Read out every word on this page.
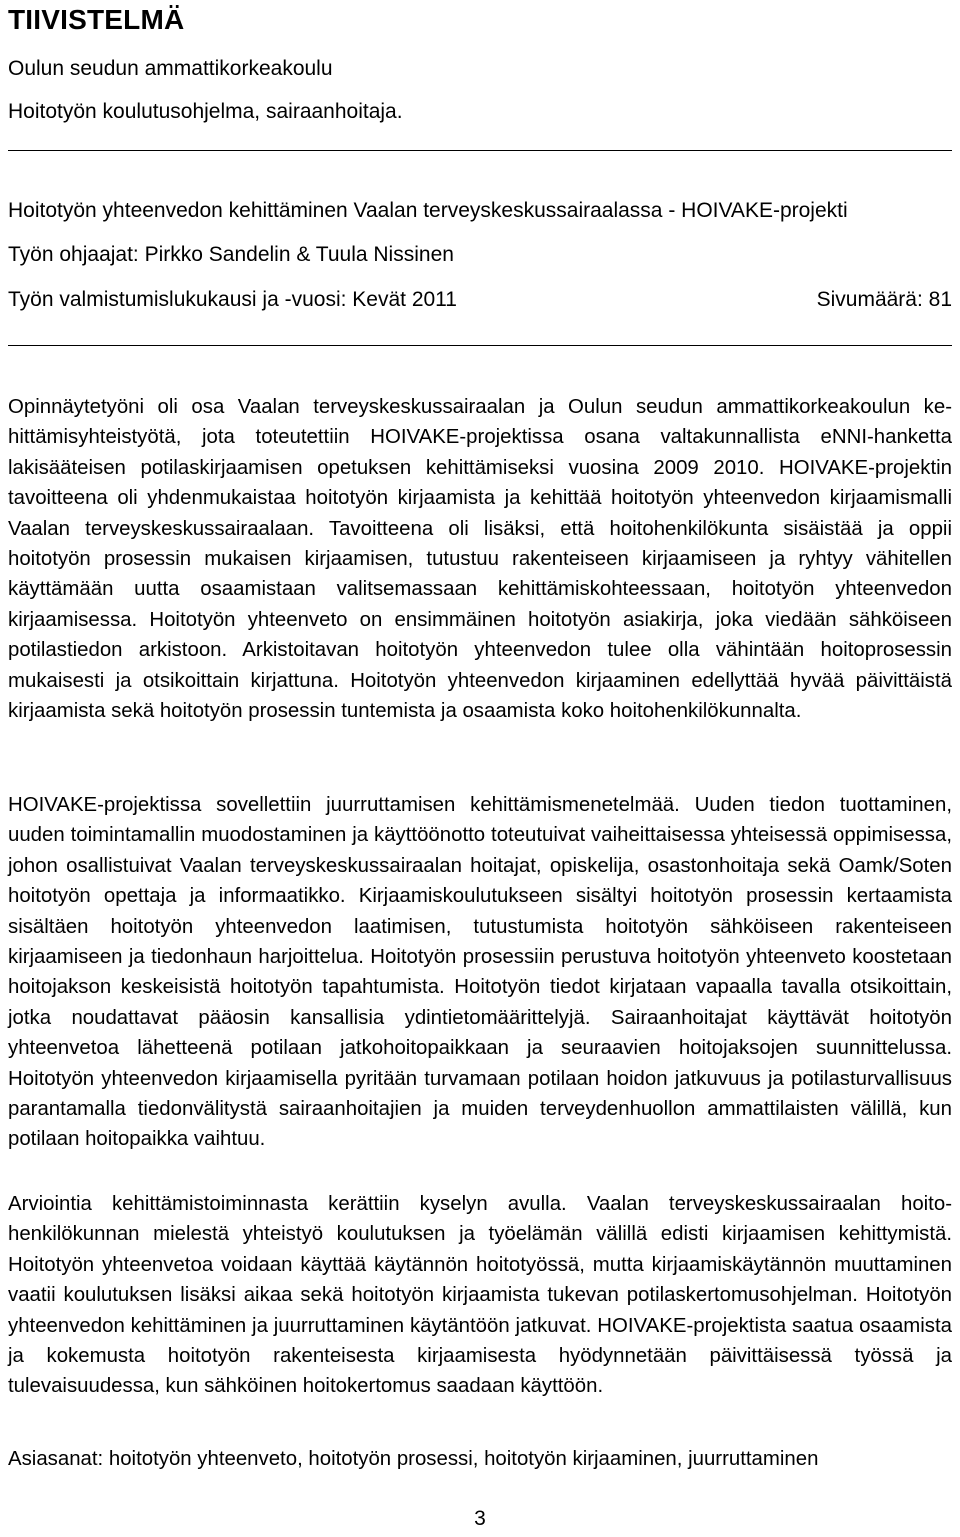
TIIVISTELMÄ
Oulun seudun ammattikorkeakoulu
Hoitotyön koulutusohjelma, sairaanhoitaja.
Hoitotyön yhteenvedon kehittäminen Vaalan terveyskeskussairaalassa - HOIVAKE-projekti
Työn ohjaajat: Pirkko Sandelin & Tuula Nissinen
Työn valmistumislukukausi ja -vuosi: Kevät 2011	Sivumäärä: 81
Opinnäytetyöni oli osa Vaalan terveyskeskussairaalan ja Oulun seudun ammattikorkeakoulun kehittämisyhteistyötä, jota toteutettiin HOIVAKE-projektissa osana valtakunnallista eNNI-hanketta lakisääteisen potilaskirjaamisen opetuksen kehittämiseksi vuosina 2009 2010. HOIVAKE-projektin tavoitteena oli yhdenmukaistaa hoitotyön kirjaamista ja kehittää hoitotyön yhteenvedon kirjaamismalli Vaalan terveyskeskussairaalaan. Tavoitteena oli lisäksi, että hoitohenkilökunta sisäistää ja oppii hoitotyön prosessin mukaisen kirjaamisen, tutustuu rakenteiseen kirjaamiseen ja ryhtyy vähitellen käyttämään uutta osaamistaan valitsemassaan kehittämiskohteessaan, hoitotyön yhteenvedon kirjaamisessa. Hoitotyön yhteenveto on ensimmäinen hoitotyön asiakirja, joka viedään sähköiseen potilastiedon arkistoon. Arkistoitavan hoitotyön yhteenvedon tulee olla vähintään hoitoprosessin mukaisesti ja otsikoittain kirjattuna. Hoitotyön yhteenvedon kirjaaminen edellyttää hyvää päivittäistä kirjaamista sekä hoitotyön prosessin tuntemista ja osaamista koko hoitohenkilökunnalta.
HOIVAKE-projektissa sovellettiin juurruttamisen kehittämismenetelmää. Uuden tiedon tuottaminen, uuden toimintamallin muodostaminen ja käyttöönotto toteutuivat vaiheittaisessa yhteisessä oppimisessa, johon osallistuivat Vaalan terveyskeskussairaalan hoitajat, opiskelija, osastonhoitaja sekä Oamk/Soten hoitotyön opettaja ja informaatikko. Kirjaamiskoulutukseen sisältyi hoitotyön prosessin kertaamista sisältäen hoitotyön yhteenvedon laatimisen, tutustumista hoitotyön sähköiseen rakenteiseen kirjaamiseen ja tiedonhaun harjoittelua. Hoitotyön prosessiin perustuva hoitotyön yhteenveto koostetaan hoitojakson keskeisistä hoitotyön tapahtumista. Hoitotyön tiedot kirjataan vapaalla tavalla otsikoittain, jotka noudattavat pääosin kansallisia ydintietomäärittelyjä. Sairaanhoitajat käyttävät hoitotyön yhteenvetoa lähetteenä potilaan jatkohoitopaikkaan ja seuraavien hoitojaksojen suunnittelussa. Hoitotyön yhteenvedon kirjaamisella pyritään turvamaan potilaan hoidon jatkuvuus ja potilasturvallisuus parantamalla tiedonvälitystä sairaanhoitajien ja muiden terveydenhuollon ammattilaisten välillä, kun potilaan hoitopaikka vaihtuu.
Arviointia kehittämistoiminnasta kerättiin kyselyn avulla. Vaalan terveyskeskussairaalan hoitohenkilökunnan mielestä yhteistyö koulutuksen ja työelämän välillä edisti kirjaamisen kehittymistä. Hoitotyön yhteenvetoa voidaan käyttää käytännön hoitotyössä, mutta kirjaamiskäytännön muuttaminen vaatii koulutuksen lisäksi aikaa sekä hoitotyön kirjaamista tukevan potilaskertomusohjelman. Hoitotyön yhteenvedon kehittäminen ja juurruttaminen käytäntöön jatkuvat. HOIVAKE-projektista saatua osaamista ja kokemusta hoitotyön rakenteisesta kirjaamisesta hyödynnetään päivittäisessä työssä ja tulevaisuudessa, kun sähköinen hoitokertomus saadaan käyttöön.
Asiasanat: hoitotyön yhteenveto, hoitotyön prosessi, hoitotyön kirjaaminen, juurruttaminen
3
